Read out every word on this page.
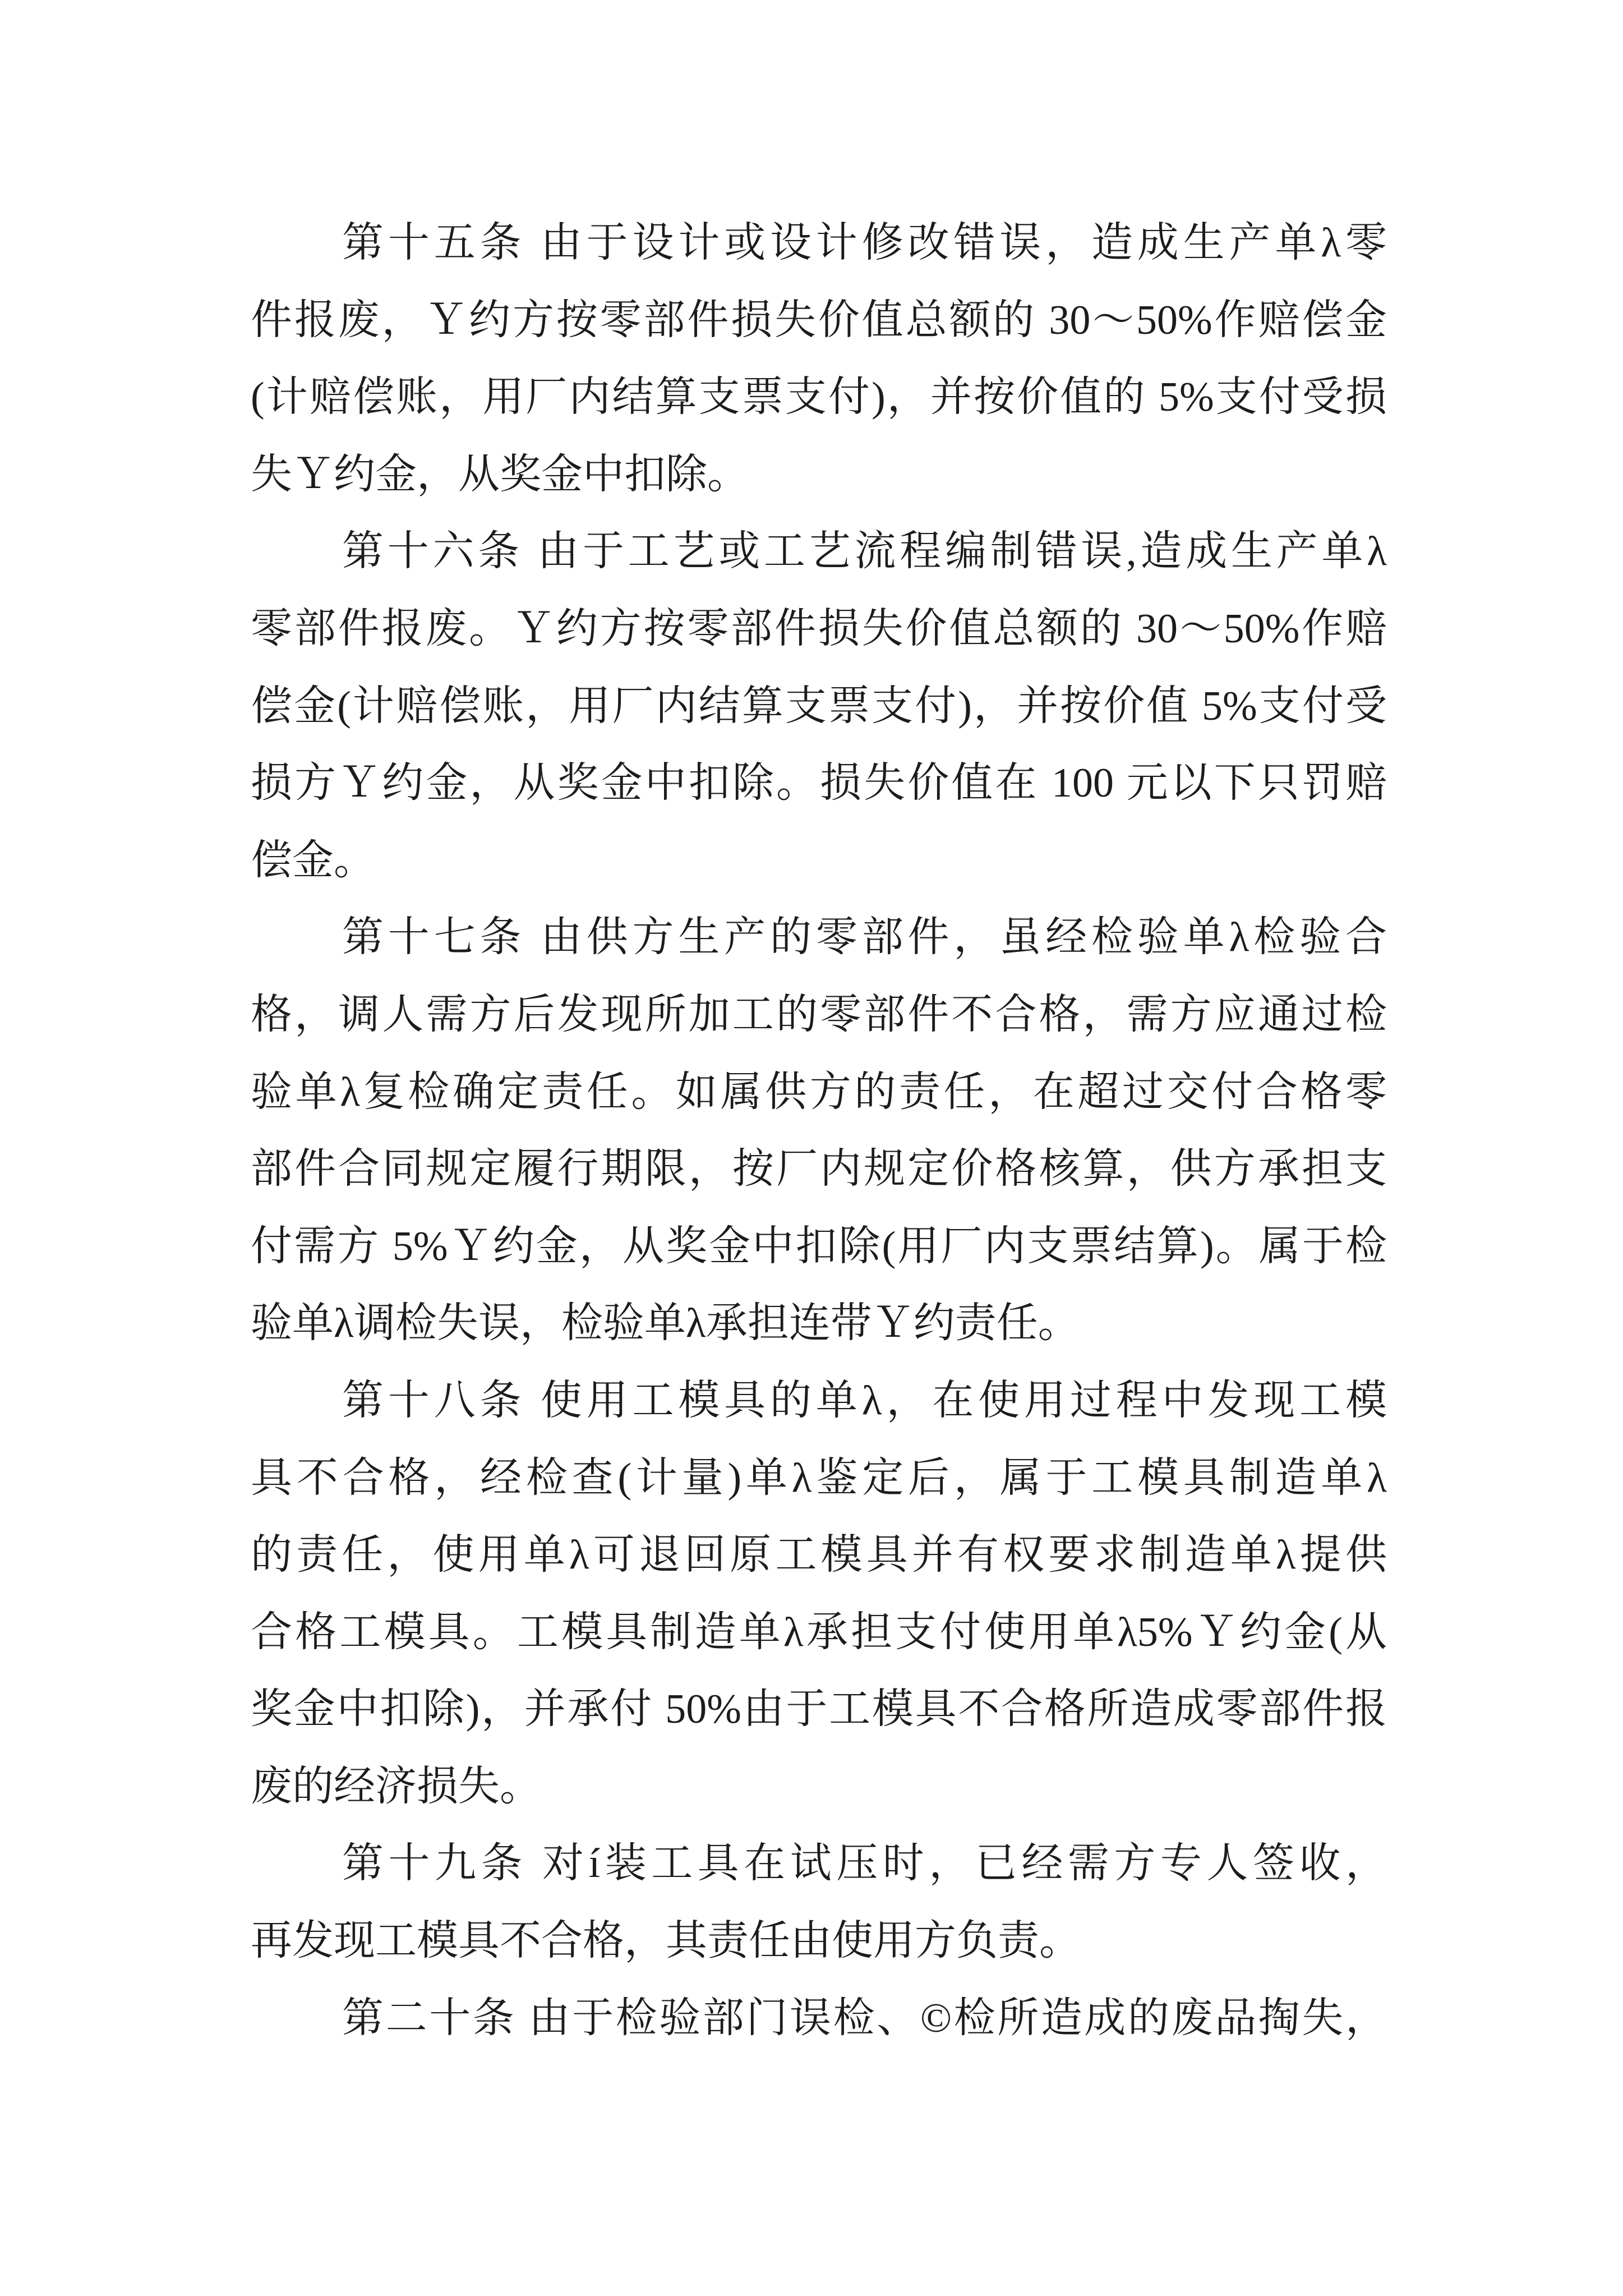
第十五条 由于设计或设计修改错误，造成生产单λ零
件报废，Ｙ约方按零部件损失价值总额的 30～50%作赔偿金
(计赔偿账，用厂内结算支票支付)，并按价值的 5%支付受损
失Ｙ约金，从奖金中扣除。
第十六条 由于工艺或工艺流程编制错误,造成生产单λ
零部件报废。Ｙ约方按零部件损失价值总额的 30～50%作赔
偿金(计赔偿账，用厂内结算支票支付)，并按价值 5%支付受
损方Ｙ约金，从奖金中扣除。损失价值在 100 元以下只罚赔
偿金。
第十七条 由供方生产的零部件，虽经检验单λ检验合
格，调人需方后发现所加工的零部件不合格，需方应通过检
验单λ复检确定责任。如属供方的责任，在超过交付合格零
部件合同规定履行期限，按厂内规定价格核算，供方承担支
付需方 5%Ｙ约金，从奖金中扣除(用厂内支票结算)。属于检
验单λ调检失误，检验单λ承担连带Ｙ约责任。
第十八条 使用工模具的单λ，在使用过程中发现工模
具不合格，经检查(计量)单λ鉴定后，属于工模具制造单λ
的责任，使用单λ可退回原工模具并有权要求制造单λ提供
合格工模具。工模具制造单λ承担支付使用单λ5%Ｙ约金(从
奖金中扣除)，并承付 50%由于工模具不合格所造成零部件报
废的经济损失。
第十九条 对í装工具在试压时，已经需方专人签收，
再发现工模具不合格，其责任由使用方负责。
第二十条 由于检验部门误检、©检所造成的废品掏失，
